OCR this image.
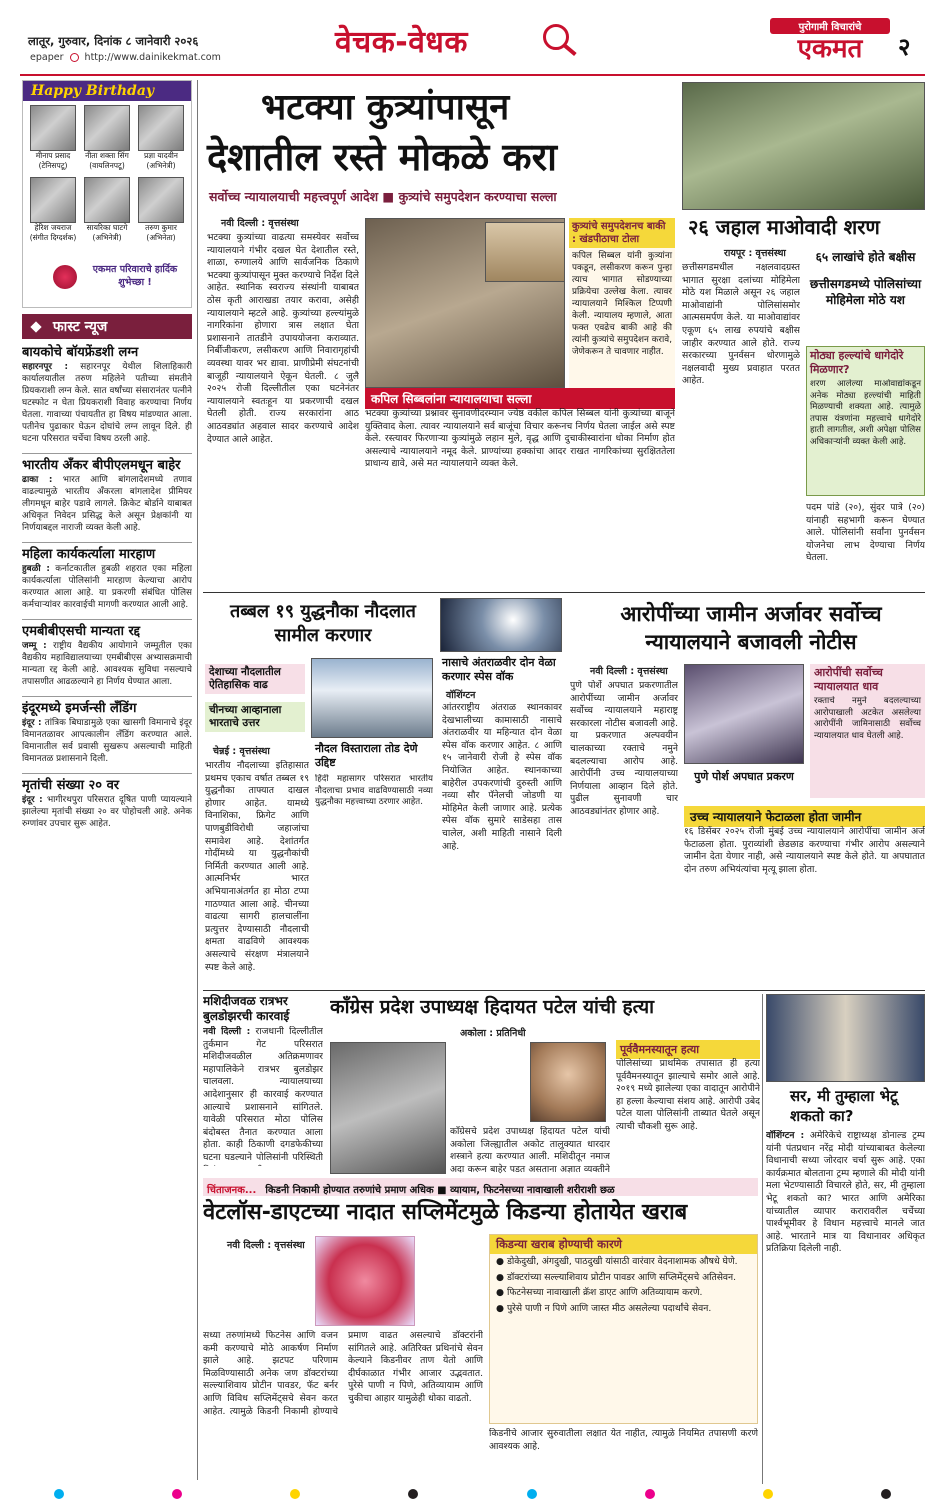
लातूर, गुरुवार, दिनांक ८ जानेवारी २०२६
epaper http://www.dainikekmat.com	वेचक-वेधक	पुरोगामी विचारांचे
एकमत	२
Happy Birthday
मीनाप प्रसाद
(टेनिसपटू)
नीता शक्ता सिंग
(वायलिनपटू)
प्रज्ञा यादवीन
(अभिनेत्री)
हेरिश जयराज
(संगीत दिग्दर्शक)
सायरिका घाटगे
(अभिनेत्री)
तरुण कुमार
(अभिनेता)
एकमत परिवाराचेे हार्दिक शुभेच्छा !
फास्ट न्यूज
बायकोचे बॉयफ्रेंडशी लग्न
सहारनपूर : सहारनपूर येथील शिलाहिकारी कार्यालयातील तरुण महिलेने पतीच्या संमतीने प्रियकराशी लग्न केले. सात वर्षांच्या संसारानंतर पत्नीने घटस्फोट न घेता प्रियकराशी विवाह करण्याचा निर्णय घेतला. गावाच्या पंचायतीत हा विषय मांडण्यात आला. पतीनेच पुढाकार घेऊन दोघांचे लग्न लावून दिले. ही घटना परिसरात चर्चेचा विषय ठरली आहे.
भारतीय अँकर बीपीएलमधून बाहेर
ढाका : भारत आणि बांगलादेशमध्ये तणाव वाढल्यामुळे भारतीय अँकरला बांगलादेश प्रीमियर लीगमधून बाहेर पडावे लागले. क्रिकेट बोर्डाने याबाबत अधिकृत निवेदन प्रसिद्ध केले असून प्रेक्षकांनी या निर्णयाबद्दल नाराजी व्यक्त केली आहे.
महिला कार्यकर्त्याला मारहाण
हुबळी : कर्नाटकातील हुबळी शहरात एका महिला कार्यकर्त्याला पोलिसांनी मारहाण केल्याचा आरोप करण्यात आला आहे. या प्रकरणी संबंधित पोलिस कर्मचाऱ्यांवर कारवाईची मागणी करण्यात आली आहे.
एमबीबीएसची मान्यता रद्द
जम्मू : राष्ट्रीय वैद्यकीय आयोगाने जम्मूतील एका वैद्यकीय महाविद्यालयाच्या एमबीबीएस अभ्यासक्रमाची मान्यता रद्द केली आहे. आवश्यक सुविधा नसल्याचे तपासणीत आढळल्याने हा निर्णय घेण्यात आला.
इंदूरमध्ये इमर्जन्सी लँडिंग
इंदूर : तांत्रिक बिघाडामुळे एका खासगी विमानाचे इंदूर विमानतळावर आपत्कालीन लँडिंग करण्यात आले. विमानातील सर्व प्रवासी सुखरूप असल्याची माहिती विमानतळ प्रशासनाने दिली.
मृतांची संख्या २० वर
इंदूर : भागीरथपुरा परिसरात दूषित पाणी प्यायल्याने झालेल्या मृतांची संख्या २० वर पोहोचली आहे. अनेक रुग्णांवर उपचार सुरू आहेत.
भटक्या कुत्र्यांपासून
देशातील रस्ते मोकळे करा
सर्वोच्च न्यायालयाची महत्त्वपूर्ण आदेश ■ कुत्र्यांचे समुपदेशन करण्याचा सल्ला
नवी दिल्ली : वृत्तसंस्था
भटक्या कुत्र्यांच्या वाढत्या समस्येवर सर्वोच्च न्यायालयाने गंभीर दखल घेत देशातील रस्ते, शाळा, रुग्णालये आणि सार्वजनिक ठिकाणे भटक्या कुत्र्यांपासून मुक्त करण्याचे निर्देश दिले आहेत. स्थानिक स्वराज्य संस्थांनी याबाबत ठोस कृती आराखडा तयार करावा, असेही न्यायालयाने म्हटले आहे. कुत्र्यांच्या हल्ल्यांमुळे नागरिकांना होणारा त्रास लक्षात घेता प्रशासनाने तातडीने उपाययोजना कराव्यात. निर्बीजीकरण, लसीकरण आणि निवारागृहांची व्यवस्था यावर भर द्यावा. प्राणीप्रेमी संघटनांची बाजूही न्यायालयाने ऐकून घेतली. ८ जुलै २०२५ रोजी दिल्लीतील एका घटनेनंतर न्यायालयाने स्वतःहून या प्रकरणाची दखल घेतली होती. राज्य सरकारांना आठ आठवड्यांत अहवाल सादर करण्याचे आदेश देण्यात आले आहेत.
कुत्र्यांचे समुपदेशनच बाकी : खंडपीठाचा टोला
कपिल सिब्बल यांनी कुत्र्यांना पकडून, लसीकरण करून पुन्हा त्याच भागात सोडण्याच्या प्रक्रियेचा उल्लेख केला. त्यावर न्यायालयाने मिश्किल टिप्पणी केली. न्यायालय म्हणाले, आता फक्त एवढेच बाकी आहे की त्यांनी कुत्र्यांचे समुपदेशन करावे, जेणेकरून ते चावणार नाहीत.
कपिल सिब्बलांना न्यायालयाचा सल्ला
भटक्या कुत्र्यांच्या प्रश्नावर सुनावणीदरम्यान ज्येष्ठ वकील कपिल सिब्बल यांनी कुत्र्यांच्या बाजूने युक्तिवाद केला. त्यावर न्यायालयाने सर्व बाजूंचा विचार करूनच निर्णय घेतला जाईल असे स्पष्ट केले. रस्त्यावर फिरणाऱ्या कुत्र्यांमुळे लहान मुले, वृद्ध आणि दुचाकीस्वारांना धोका निर्माण होत असल्याचे न्यायालयाने नमूद केले. प्राण्यांच्या हक्कांचा आदर राखत नागरिकांच्या सुरक्षिततेला प्राधान्य द्यावे, असे मत न्यायालयाने व्यक्त केले.
२६ जहाल माओवादी शरण
रायपूर : वृत्तसंस्था
छत्तीसगडमधील नक्षलवादग्रस्त भागात सुरक्षा दलांच्या मोहिमेला मोठे यश मिळाले असून २६ जहाल माओवाद्यांनी पोलिसांसमोर आत्मसमर्पण केले. या माओवाद्यांवर एकूण ६५ लाख रुपयांचे बक्षीस जाहीर करण्यात आले होते. राज्य सरकारच्या पुनर्वसन धोरणामुळे नक्षलवादी मुख्य प्रवाहात परतत आहेत.
६५ लाखांचे होते बक्षीस
छत्तीसगडमध्ये पोलिसांच्या मोहिमेला मोठे यश
मोठ्या हल्ल्यांचे धागेदोरे मिळणार?
शरण आलेल्या माओवाद्यांकडून अनेक मोठ्या हल्ल्यांची माहिती मिळण्याची शक्यता आहे. त्यामुळे तपास यंत्रणांना महत्त्वाचे धागेदोरे हाती लागतील, अशी अपेक्षा पोलिस अधिकाऱ्यांनी व्यक्त केली आहे.
पदम पांडे (२०), सुंदर पात्रे (२०) यांनाही सहभागी करून घेण्यात आले. पोलिसांनी सर्वांना पुनर्वसन योजनेचा लाभ देण्याचा निर्णय घेतला.
तब्बल १९ युद्धनौका नौदलात सामील करणार
देशाच्या नौदलातील ऐतिहासिक वाढ
चीनच्या आव्हानाला भारताचे उत्तर
नौदल विस्ताराला तोड देणे उद्दिष्ट
हिंदी महासागर परिसरात भारतीय नौदलाचा प्रभाव वाढविण्यासाठी नव्या युद्धनौका महत्त्वाच्या ठरणार आहेत.
चेन्नई : वृत्तसंस्था
भारतीय नौदलाच्या इतिहासात प्रथमच एकाच वर्षात तब्बल १९ युद्धनौका ताफ्यात दाखल होणार आहेत. यामध्ये विनाशिका, फ्रिगेट आणि पाणबुडीविरोधी जहाजांचा समावेश आहे. देशांतर्गत गोदींमध्ये या युद्धनौकांची निर्मिती करण्यात आली आहे. आत्मनिर्भर भारत अभियानाअंतर्गत हा मोठा टप्पा गाठण्यात आला आहे. चीनच्या वाढत्या सागरी हालचालींना प्रत्युत्तर देण्यासाठी नौदलाची क्षमता वाढविणे आवश्यक असल्याचे संरक्षण मंत्रालयाने स्पष्ट केले आहे.
नासाचे अंतराळवीर दोन वेळा करणार स्पेस वॉक
वॉशिंग्टन
आंतरराष्ट्रीय अंतराळ स्थानकावर देखभालीच्या कामासाठी नासाचे अंतराळवीर या महिन्यात दोन वेळा स्पेस वॉक करणार आहेत. ८ आणि १५ जानेवारी रोजी हे स्पेस वॉक नियोजित आहेत. स्थानकाच्या बाहेरील उपकरणांची दुरुस्ती आणि नव्या सौर पॅनेलची जोडणी या मोहिमेत केली जाणार आहे. प्रत्येक स्पेस वॉक सुमारे साडेसहा तास चालेल, अशी माहिती नासाने दिली आहे.
आरोपींच्या जामीन अर्जावर सर्वोच्च न्यायालयाने बजावली नोटीस
नवी दिल्ली : वृत्तसंस्था
पुणे पोर्शे अपघात प्रकरणातील आरोपींच्या जामीन अर्जावर सर्वोच्च न्यायालयाने महाराष्ट्र सरकारला नोटीस बजावली आहे. या प्रकरणात अल्पवयीन चालकाच्या रक्ताचे नमुने बदलल्याचा आरोप आहे. आरोपींनी उच्च न्यायालयाच्या निर्णयाला आव्हान दिले होते. पुढील सुनावणी चार आठवड्यांनंतर होणार आहे.
पुणे पोर्श अपघात प्रकरण
आरोपींची सर्वोच्च न्यायालयात धाव
रक्ताचे नमुने बदलल्याच्या आरोपाखाली अटकेत असलेल्या आरोपींनी जामिनासाठी सर्वोच्च न्यायालयात धाव घेतली आहे.
उच्च न्यायालयाने फेटाळला होता जामीन
१६ डिसेंबर २०२५ रोजी मुंबई उच्च न्यायालयाने आरोपींचा जामीन अर्ज फेटाळला होता. पुराव्यांशी छेडछाड करण्याचा गंभीर आरोप असल्याने जामीन देता येणार नाही, असे न्यायालयाने स्पष्ट केले होते. या अपघातात दोन तरुण अभियंत्यांचा मृत्यू झाला होता.
मशिदीजवळ रात्रभर बुलडोझरची कारवाई
नवी दिल्ली : राजधानी दिल्लीतील तुर्कमान गेट परिसरात मशिदीजवळील अतिक्रमणावर महापालिकेने रात्रभर बुलडोझर चालवला. न्यायालयाच्या आदेशानुसार ही कारवाई करण्यात आल्याचे प्रशासनाने सांगितले. यावेळी परिसरात मोठा पोलिस बंदोबस्त तैनात करण्यात आला होता. काही ठिकाणी दगडफेकीच्या घटना घडल्याने पोलिसांनी परिस्थिती
काँग्रेस प्रदेश उपाध्यक्ष हिदायत पटेल यांची हत्या
अकोला : प्रतिनिधी
काँग्रेसचे प्रदेश उपाध्यक्ष हिदायत पटेल यांची अकोला जिल्ह्यातील अकोट तालुक्यात धारदार शस्त्राने हत्या करण्यात आली. मशिदीतून नमाज अदा करून बाहेर पडत असताना अज्ञात व्यक्तीने
पूर्ववैमनस्यातून हत्या
पोलिसांच्या प्राथमिक तपासात ही हत्या पूर्ववैमनस्यातून झाल्याचे समोर आले आहे. २०१९ मध्ये झालेल्या एका वादातून आरोपीने हा हल्ला केल्याचा संशय आहे. आरोपी उबेद पटेल याला पोलिसांनी ताब्यात घेतले असून त्याची चौकशी सुरू आहे.
सर, मी तुम्हाला भेटू शकतो का?
वॉशिंग्टन : अमेरिकेचे राष्ट्राध्यक्ष डोनाल्ड ट्रम्प यांनी पंतप्रधान नरेंद्र मोदी यांच्याबाबत केलेल्या विधानाची सध्या जोरदार चर्चा सुरू आहे. एका कार्यक्रमात बोलताना ट्रम्प म्हणाले की मोदी यांनी मला भेटण्यासाठी विचारले होते, सर, मी तुम्हाला भेटू शकतो का? भारत आणि अमेरिका यांच्यातील व्यापार करारावरील चर्चेच्या पार्श्वभूमीवर हे विधान महत्त्वाचे मानले जात आहे. भारताने मात्र या विधानावर अधिकृत प्रतिक्रिया दिलेली नाही.
चिंताजनक... किडनी निकामी होण्यात तरुणांचे प्रमाण अधिक ■ व्यायाम, फिटनेसच्या नावाखाली शरीराशी छळ
वेटलॉस-डाएटच्या नादात सप्लिमेंटमुळे किडन्या होतायेत खराब
नवी दिल्ली : वृत्तसंस्था
सध्या तरुणांमध्ये फिटनेस आणि वजन कमी करण्याचे मोठे आकर्षण निर्माण झाले आहे. झटपट परिणाम मिळविण्यासाठी अनेक जण डॉक्टरांच्या सल्ल्याशिवाय प्रोटीन पावडर, फॅट बर्नर आणि विविध सप्लिमेंट्सचे सेवन करत आहेत. त्यामुळे किडनी निकामी होण्याचे प्रमाण वाढत असल्याचे डॉक्टरांनी सांगितले आहे. अतिरिक्त प्रथिनांचे सेवन केल्याने किडनीवर ताण येतो आणि दीर्घकाळात गंभीर आजार उद्भवतात. पुरेसे पाणी न पिणे, अतिव्यायाम आणि चुकीचा आहार यामुळेही धोका वाढतो.
किडन्या खराब होण्याची कारणे
● डोकेदुखी, अंगदुखी, पाठदुखी यांसाठी वारंवार वेदनाशामक औषधे घेणे.
● डॉक्टरांच्या सल्ल्याशिवाय प्रोटीन पावडर आणि सप्लिमेंट्सचे अतिसेवन.
● फिटनेसच्या नावाखाली क्रॅश डाएट आणि अतिव्यायाम करणे.
● पुरेसे पाणी न पिणे आणि जास्त मीठ असलेल्या पदार्थांचे सेवन.
किडनीचे आजार सुरुवातीला लक्षात येत नाहीत, त्यामुळे नियमित तपासणी करणे आवश्यक आहे.
